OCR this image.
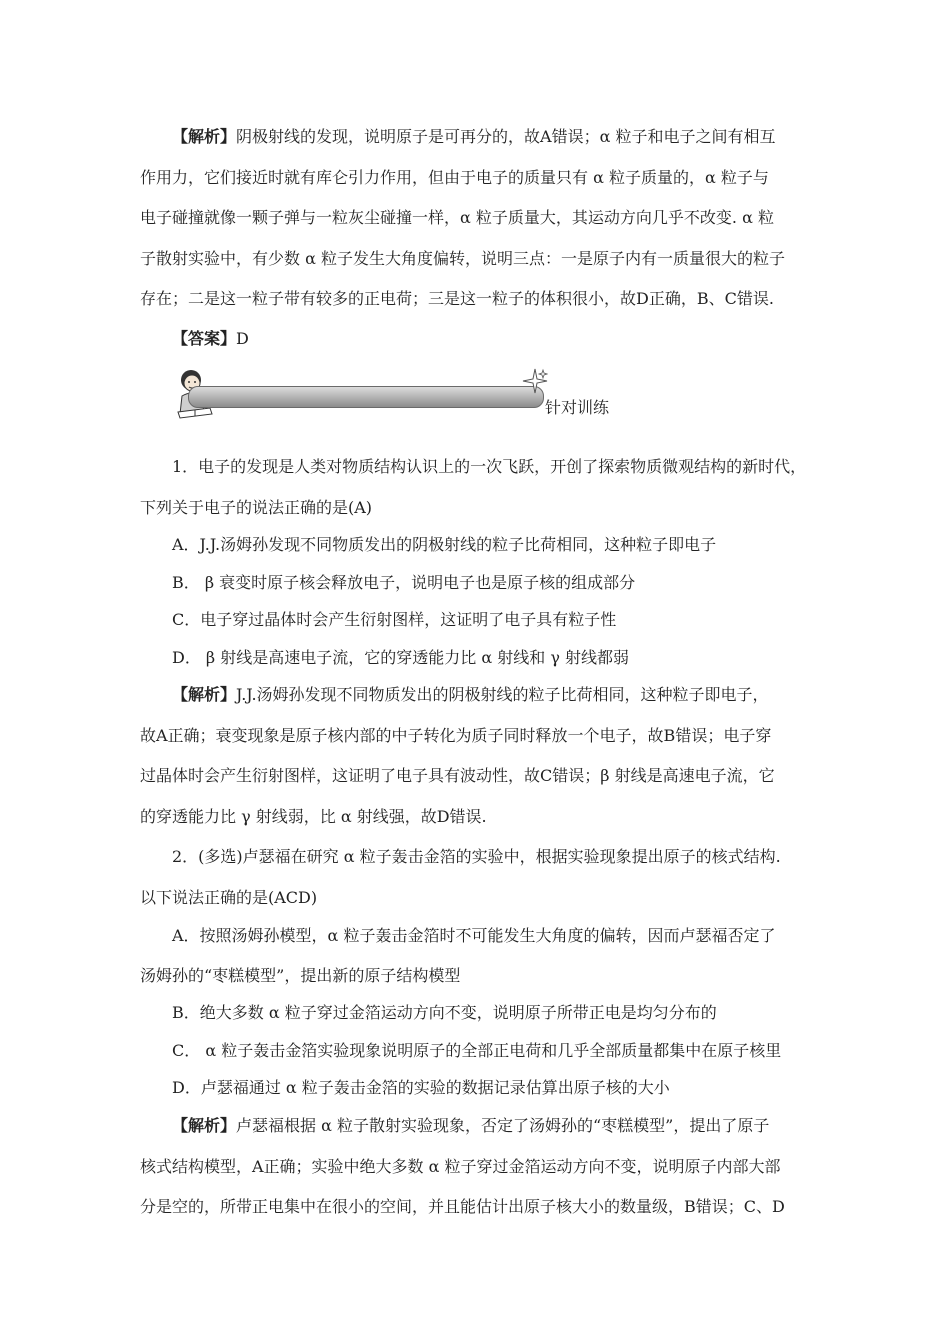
【解析】阴极射线的发现，说明原子是可再分的，故A错误；α 粒子和电子之间有相互
作用力，它们接近时就有库仑引力作用，但由于电子的质量只有 α 粒子质量的，α 粒子与
电子碰撞就像一颗子弹与一粒灰尘碰撞一样，α 粒子质量大，其运动方向几乎不改变. α 粒
子散射实验中，有少数 α 粒子发生大角度偏转，说明三点：一是原子内有一质量很大的粒子
存在；二是这一粒子带有较多的正电荷；三是这一粒子的体积很小，故D正确，B、C错误.
【答案】D
针对训练
1．电子的发现是人类对物质结构认识上的一次飞跃，开创了探索物质微观结构的新时代，
下列关于电子的说法正确的是(A)
A．J.J.汤姆孙发现不同物质发出的阴极射线的粒子比荷相同，这种粒子即电子
B． β 衰变时原子核会释放电子，说明电子也是原子核的组成部分
C．电子穿过晶体时会产生衍射图样，这证明了电子具有粒子性
D． β 射线是高速电子流，它的穿透能力比 α 射线和 γ 射线都弱
【解析】J.J.汤姆孙发现不同物质发出的阴极射线的粒子比荷相同，这种粒子即电子，
故A正确；衰变现象是原子核内部的中子转化为质子同时释放一个电子，故B错误；电子穿
过晶体时会产生衍射图样，这证明了电子具有波动性，故C错误；β 射线是高速电子流，它
的穿透能力比 γ 射线弱，比 α 射线强，故D错误.
2．(多选)卢瑟福在研究 α 粒子轰击金箔的实验中，根据实验现象提出原子的核式结构.
以下说法正确的是(ACD)
A．按照汤姆孙模型，α 粒子轰击金箔时不可能发生大角度的偏转，因而卢瑟福否定了
汤姆孙的“枣糕模型”，提出新的原子结构模型
B．绝大多数 α 粒子穿过金箔运动方向不变，说明原子所带正电是均匀分布的
C． α 粒子轰击金箔实验现象说明原子的全部正电荷和几乎全部质量都集中在原子核里
D．卢瑟福通过 α 粒子轰击金箔的实验的数据记录估算出原子核的大小
【解析】卢瑟福根据 α 粒子散射实验现象，否定了汤姆孙的“枣糕模型”，提出了原子
核式结构模型，A正确；实验中绝大多数 α 粒子穿过金箔运动方向不变，说明原子内部大部
分是空的，所带正电集中在很小的空间，并且能估计出原子核大小的数量级，B错误；C、D
